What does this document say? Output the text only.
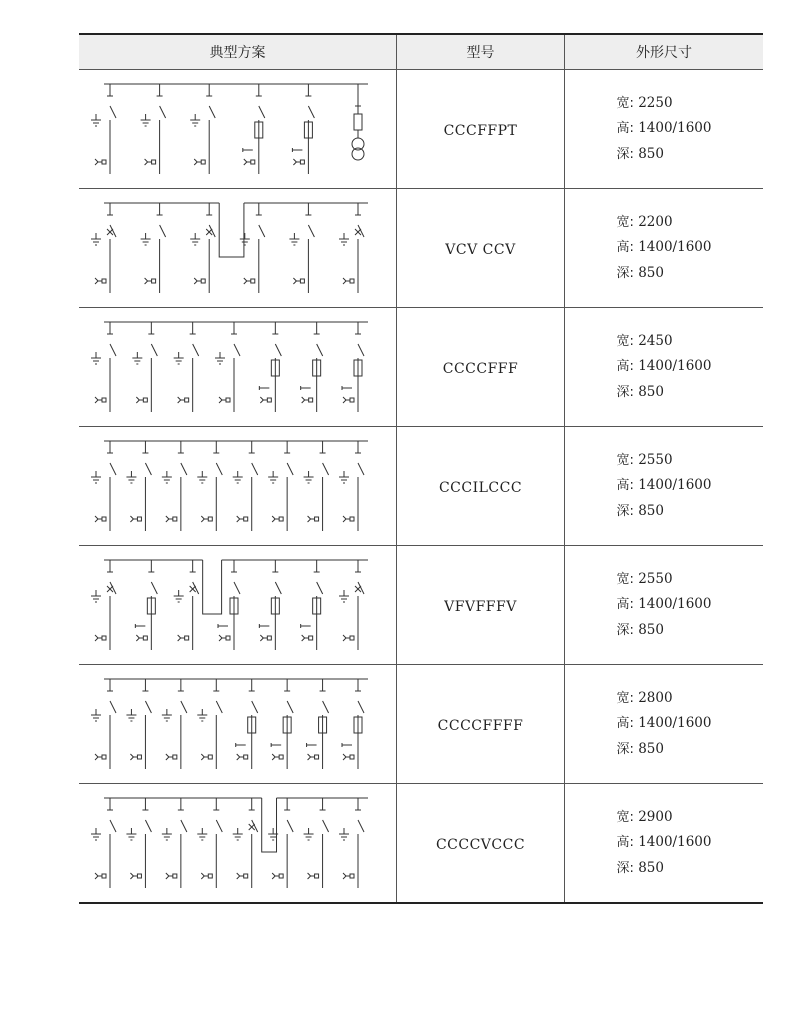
典型方案	型号	外形尺寸

	CCCFFPT	宽: 2250
高: 1400/1600
深: 850

	VCV CCV	宽: 2200
高: 1400/1600
深: 850

	CCCCFFF	宽: 2450
高: 1400/1600
深: 850

	CCCILCCC	宽: 2550
高: 1400/1600
深: 850

	VFVFFFV	宽: 2550
高: 1400/1600
深: 850

	CCCCFFFF	宽: 2800
高: 1400/1600
深: 850

	CCCCVCCC	宽: 2900
高: 1400/1600
深: 850
